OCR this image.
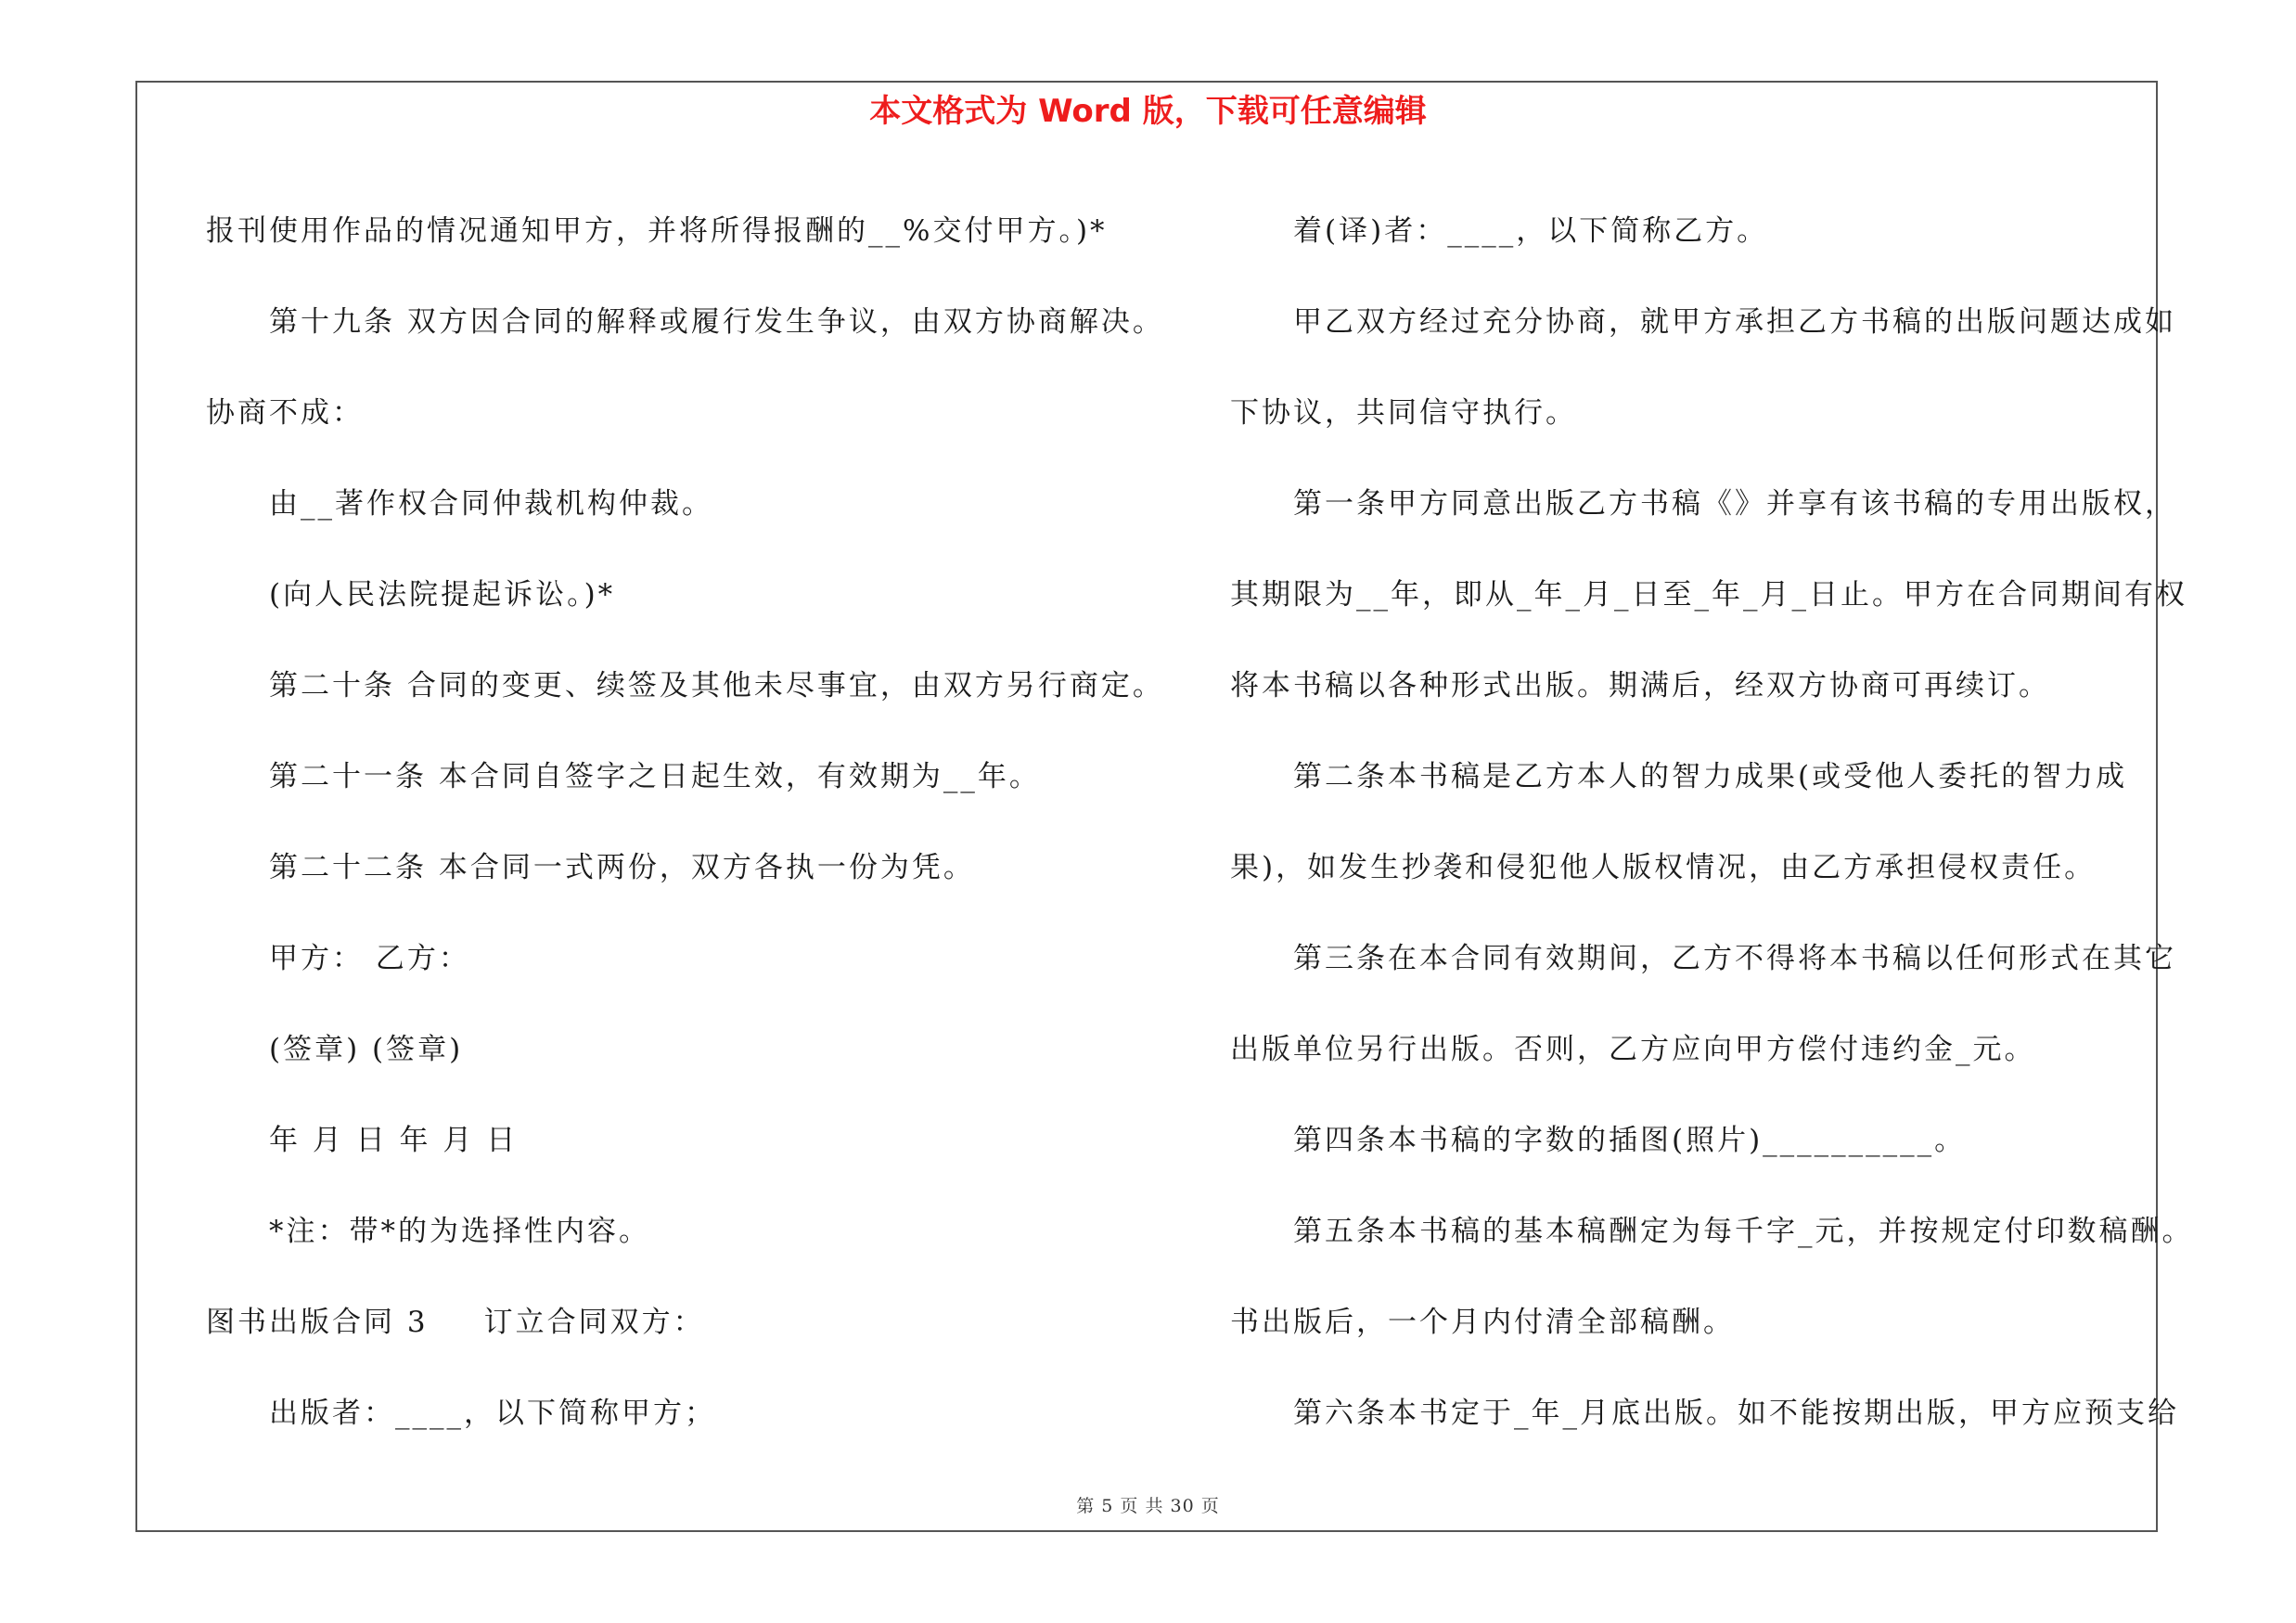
本文格式为 Word 版，下载可任意编辑
报刊使用作品的情况通知甲方，并将所得报酬的__%交付甲方。)*
第十九条 双方因合同的解释或履行发生争议，由双方协商解决。
协商不成：
由__著作权合同仲裁机构仲裁。
(向人民法院提起诉讼。)*
第二十条 合同的变更、续签及其他未尽事宜，由双方另行商定。
第二十一条 本合同自签字之日起生效，有效期为__年。
第二十二条 本合同一式两份，双方各执一份为凭。
甲方： 乙方：
(签章) (签章)
年 月 日 年 月 日
*注：带*的为选择性内容。
图书出版合同 3 订立合同双方：
出版者：____，以下简称甲方；
着(译)者：____，以下简称乙方。
甲乙双方经过充分协商，就甲方承担乙方书稿的出版问题达成如
下协议，共同信守执行。
第一条甲方同意出版乙方书稿《》并享有该书稿的专用出版权，
其期限为__年，即从_年_月_日至_年_月_日止。甲方在合同期间有权
将本书稿以各种形式出版。期满后，经双方协商可再续订。
第二条本书稿是乙方本人的智力成果(或受他人委托的智力成
果)，如发生抄袭和侵犯他人版权情况，由乙方承担侵权责任。
第三条在本合同有效期间，乙方不得将本书稿以任何形式在其它
出版单位另行出版。否则，乙方应向甲方偿付违约金_元。
第四条本书稿的字数的插图(照片)__________。
第五条本书稿的基本稿酬定为每千字_元，并按规定付印数稿酬。
书出版后，一个月内付清全部稿酬。
第六条本书定于_年_月底出版。如不能按期出版，甲方应预支给
第 5 页 共 30 页
